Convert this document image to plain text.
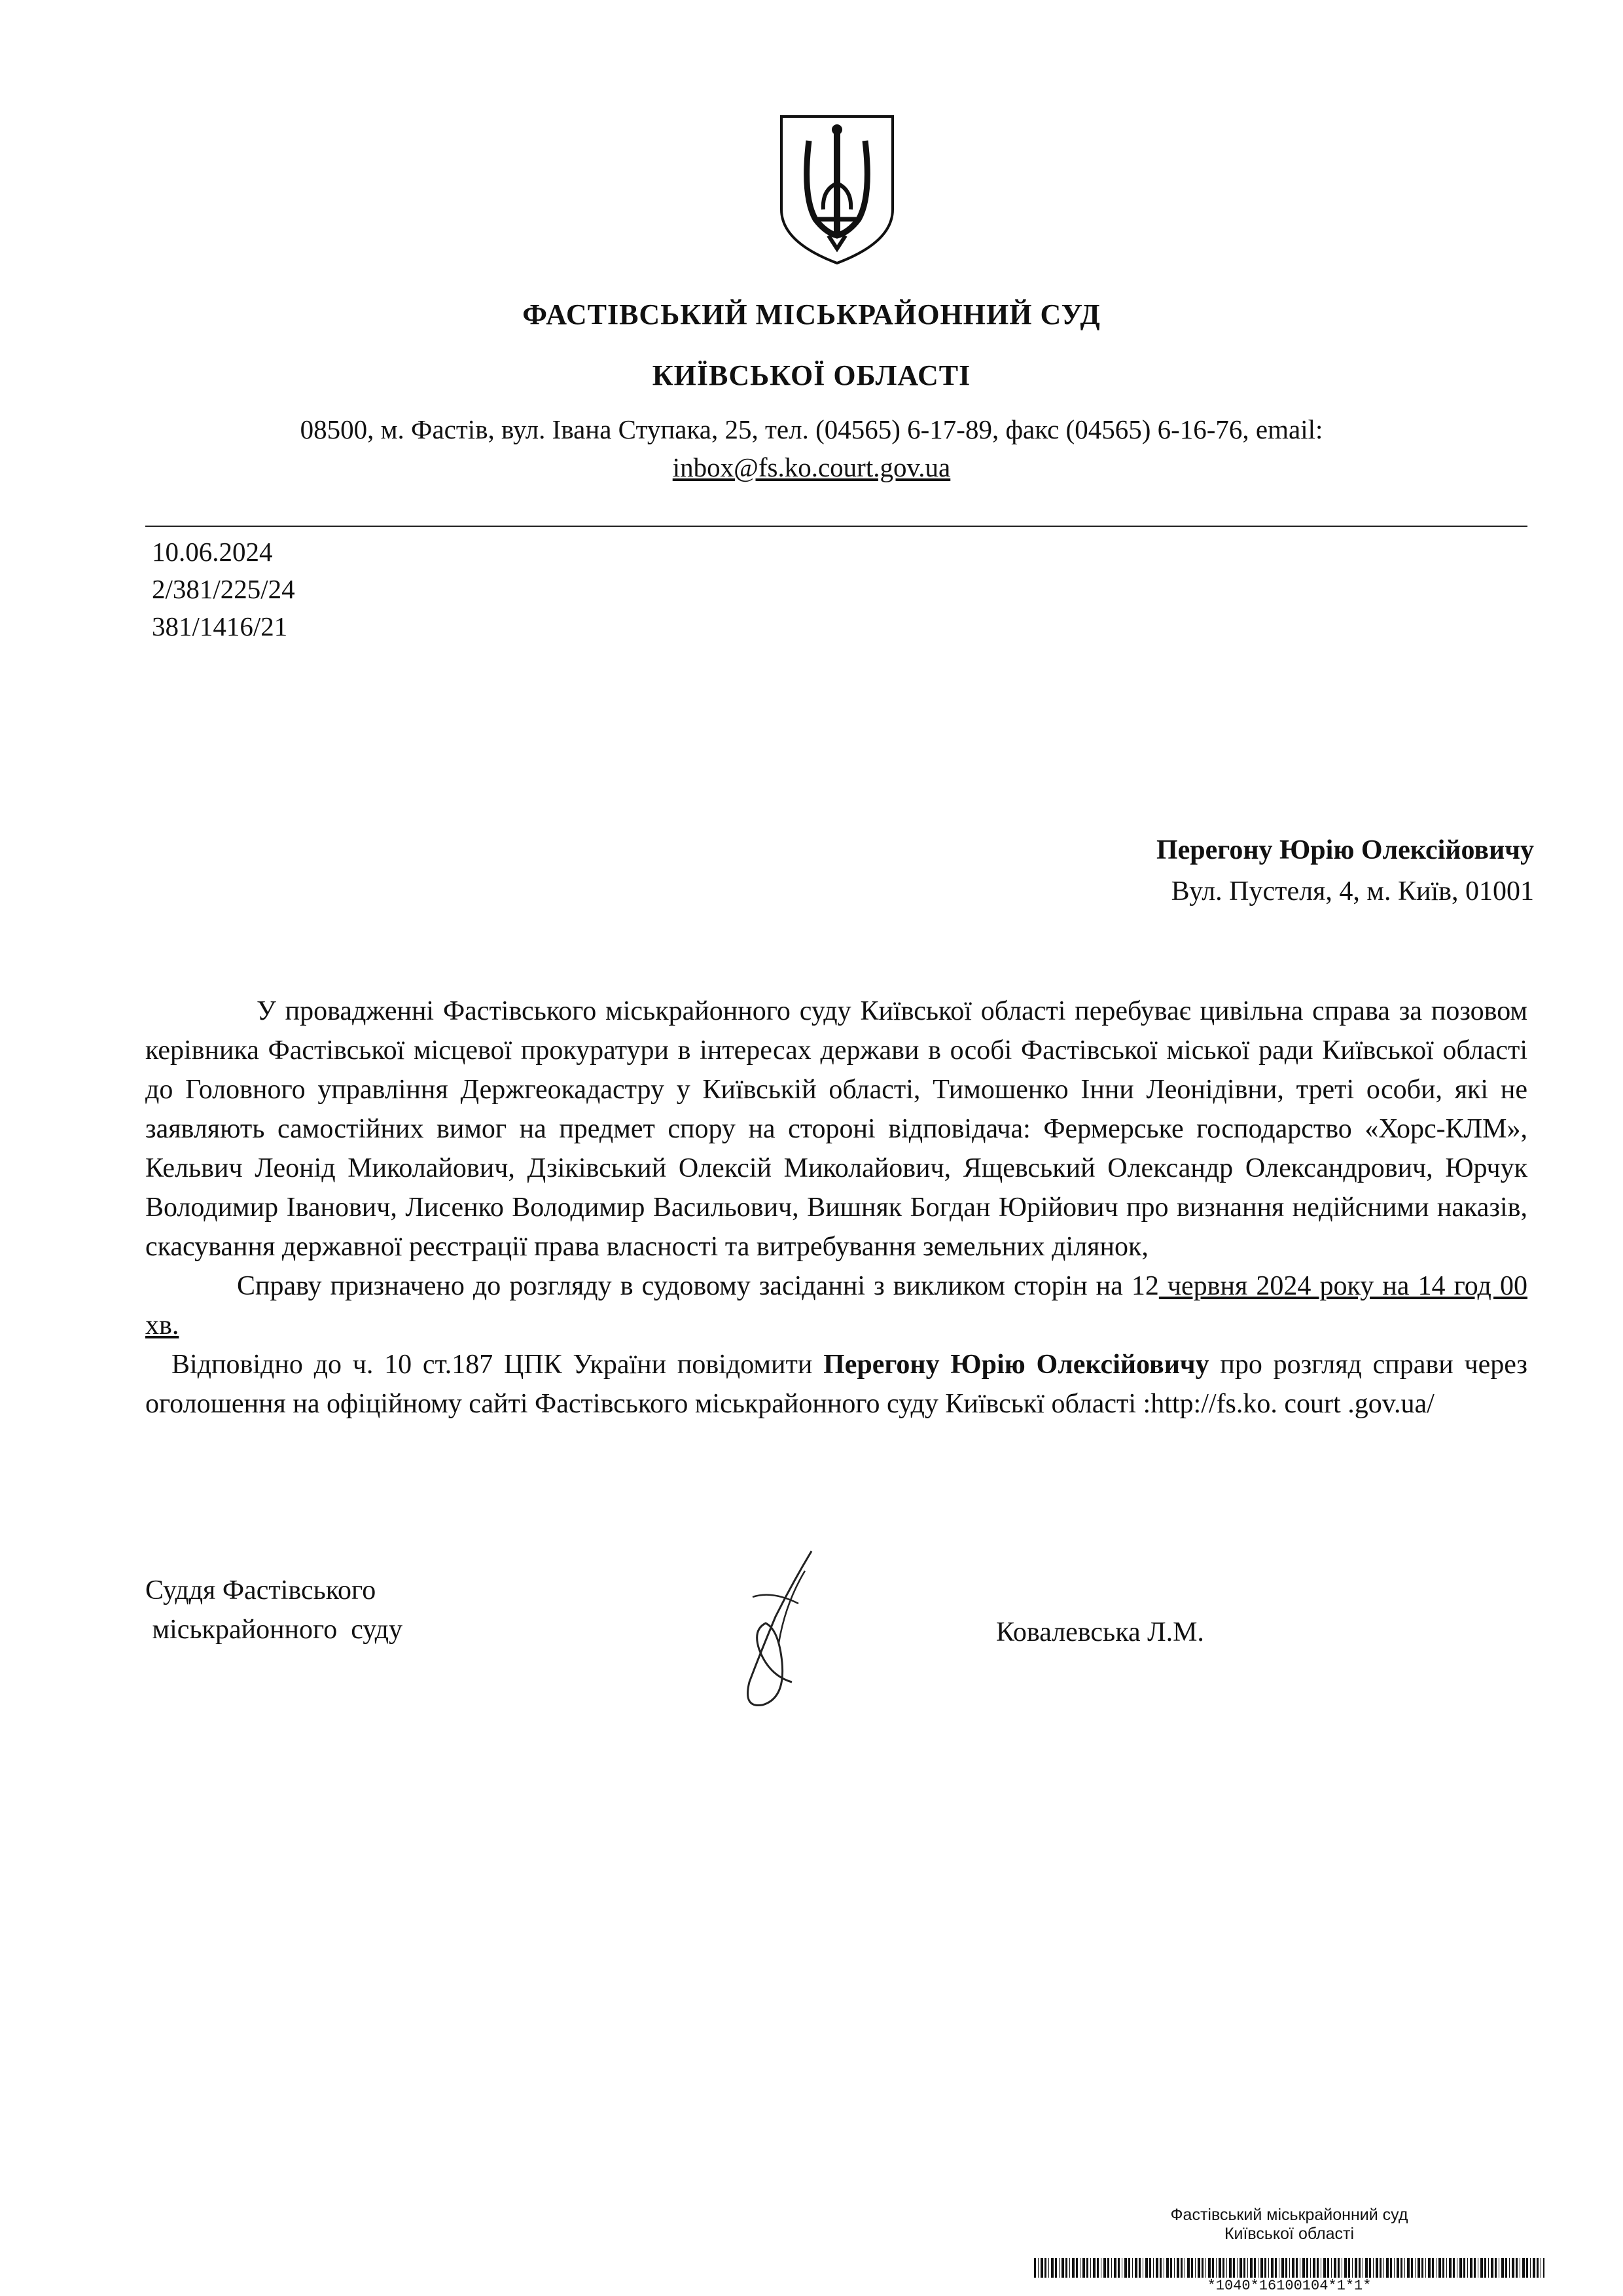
ФАСТІВСЬКИЙ МІСЬКРАЙОННИЙ СУД
КИЇВСЬКОЇ ОБЛАСТІ
08500, м. Фастів, вул. Івана Ступака, 25, тел. (04565) 6-17-89, факс (04565) 6-16-76, email:
inbox@fs.ko.court.gov.ua
10.06.2024
2/381/225/24
381/1416/21
Перегону Юрію Олексійовичу
Вул. Пустеля, 4, м. Київ, 01001

У провадженні Фастівського міськрайонного суду Київської області перебуває цивільна справа за позовом керівника Фастівської місцевої прокуратури в інтересах держави в особі Фастівської міської ради Київської області до Головного управління Держгеокадастру у Київській області, Тимошенко Інни Леонідівни, треті особи, які не заявляють самостійних вимог на предмет спору на стороні відповідача: Фермерське господарство «Хорс-КЛМ», Кельвич Леонід Миколайович, Дзіківський Олексій Миколайович, Ящевський Олександр Олександрович, Юрчук Володимир Іванович, Лисенко Володимир Васильович, Вишняк Богдан Юрійович про визнання недійсними наказів, скасування державної реєстрації права власності та витребування земельних ділянок,

Справу призначено до розгляду в судовому засіданні з викликом сторін на 12 червня 2024 року на 14 год 00 хв.

Відповідно до ч. 10 ст.187 ЦПК України повідомити Перегону Юрію Олексійовичу про розгляд справи через оголошення на офіційному сайті Фастівського міськрайонного суду Київськї області :http://fs.ko. court .gov.ua/

Суддя Фастівського
міськрайонного  суду	Ковалевська Л.М.
Фастівський міськрайонний суд
Київської області
*1040*16100104*1*1*
